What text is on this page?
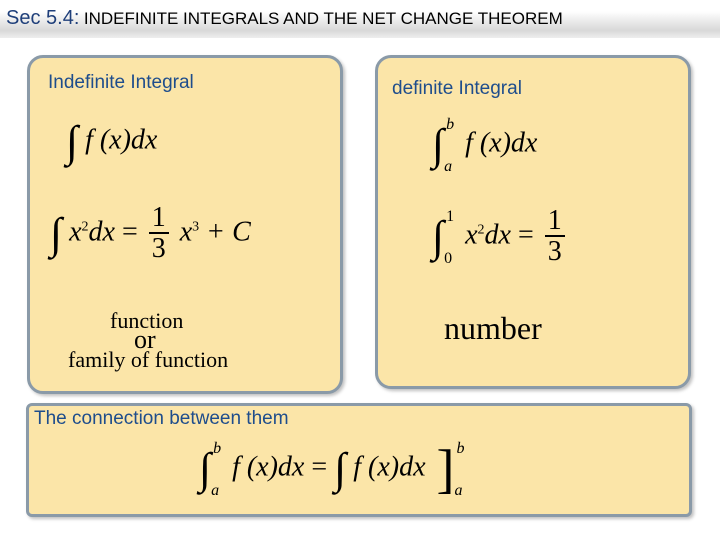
Sec 5.4: INDEFINITE INTEGRALS AND THE NET CHANGE THEOREM
Indefinite Integral
∫ f (x)dx
∫ $x^2dx = \frac{1}{3} x^3 + C$
function
or
family of function
definite Integral
∫ b
a
f (x)dx
∫ 1
0
$x^2dx = \frac{1}{3}$
number
The connection between them
∫ b
a
f (x)dx = ∫ f (x)dx ] b
a
